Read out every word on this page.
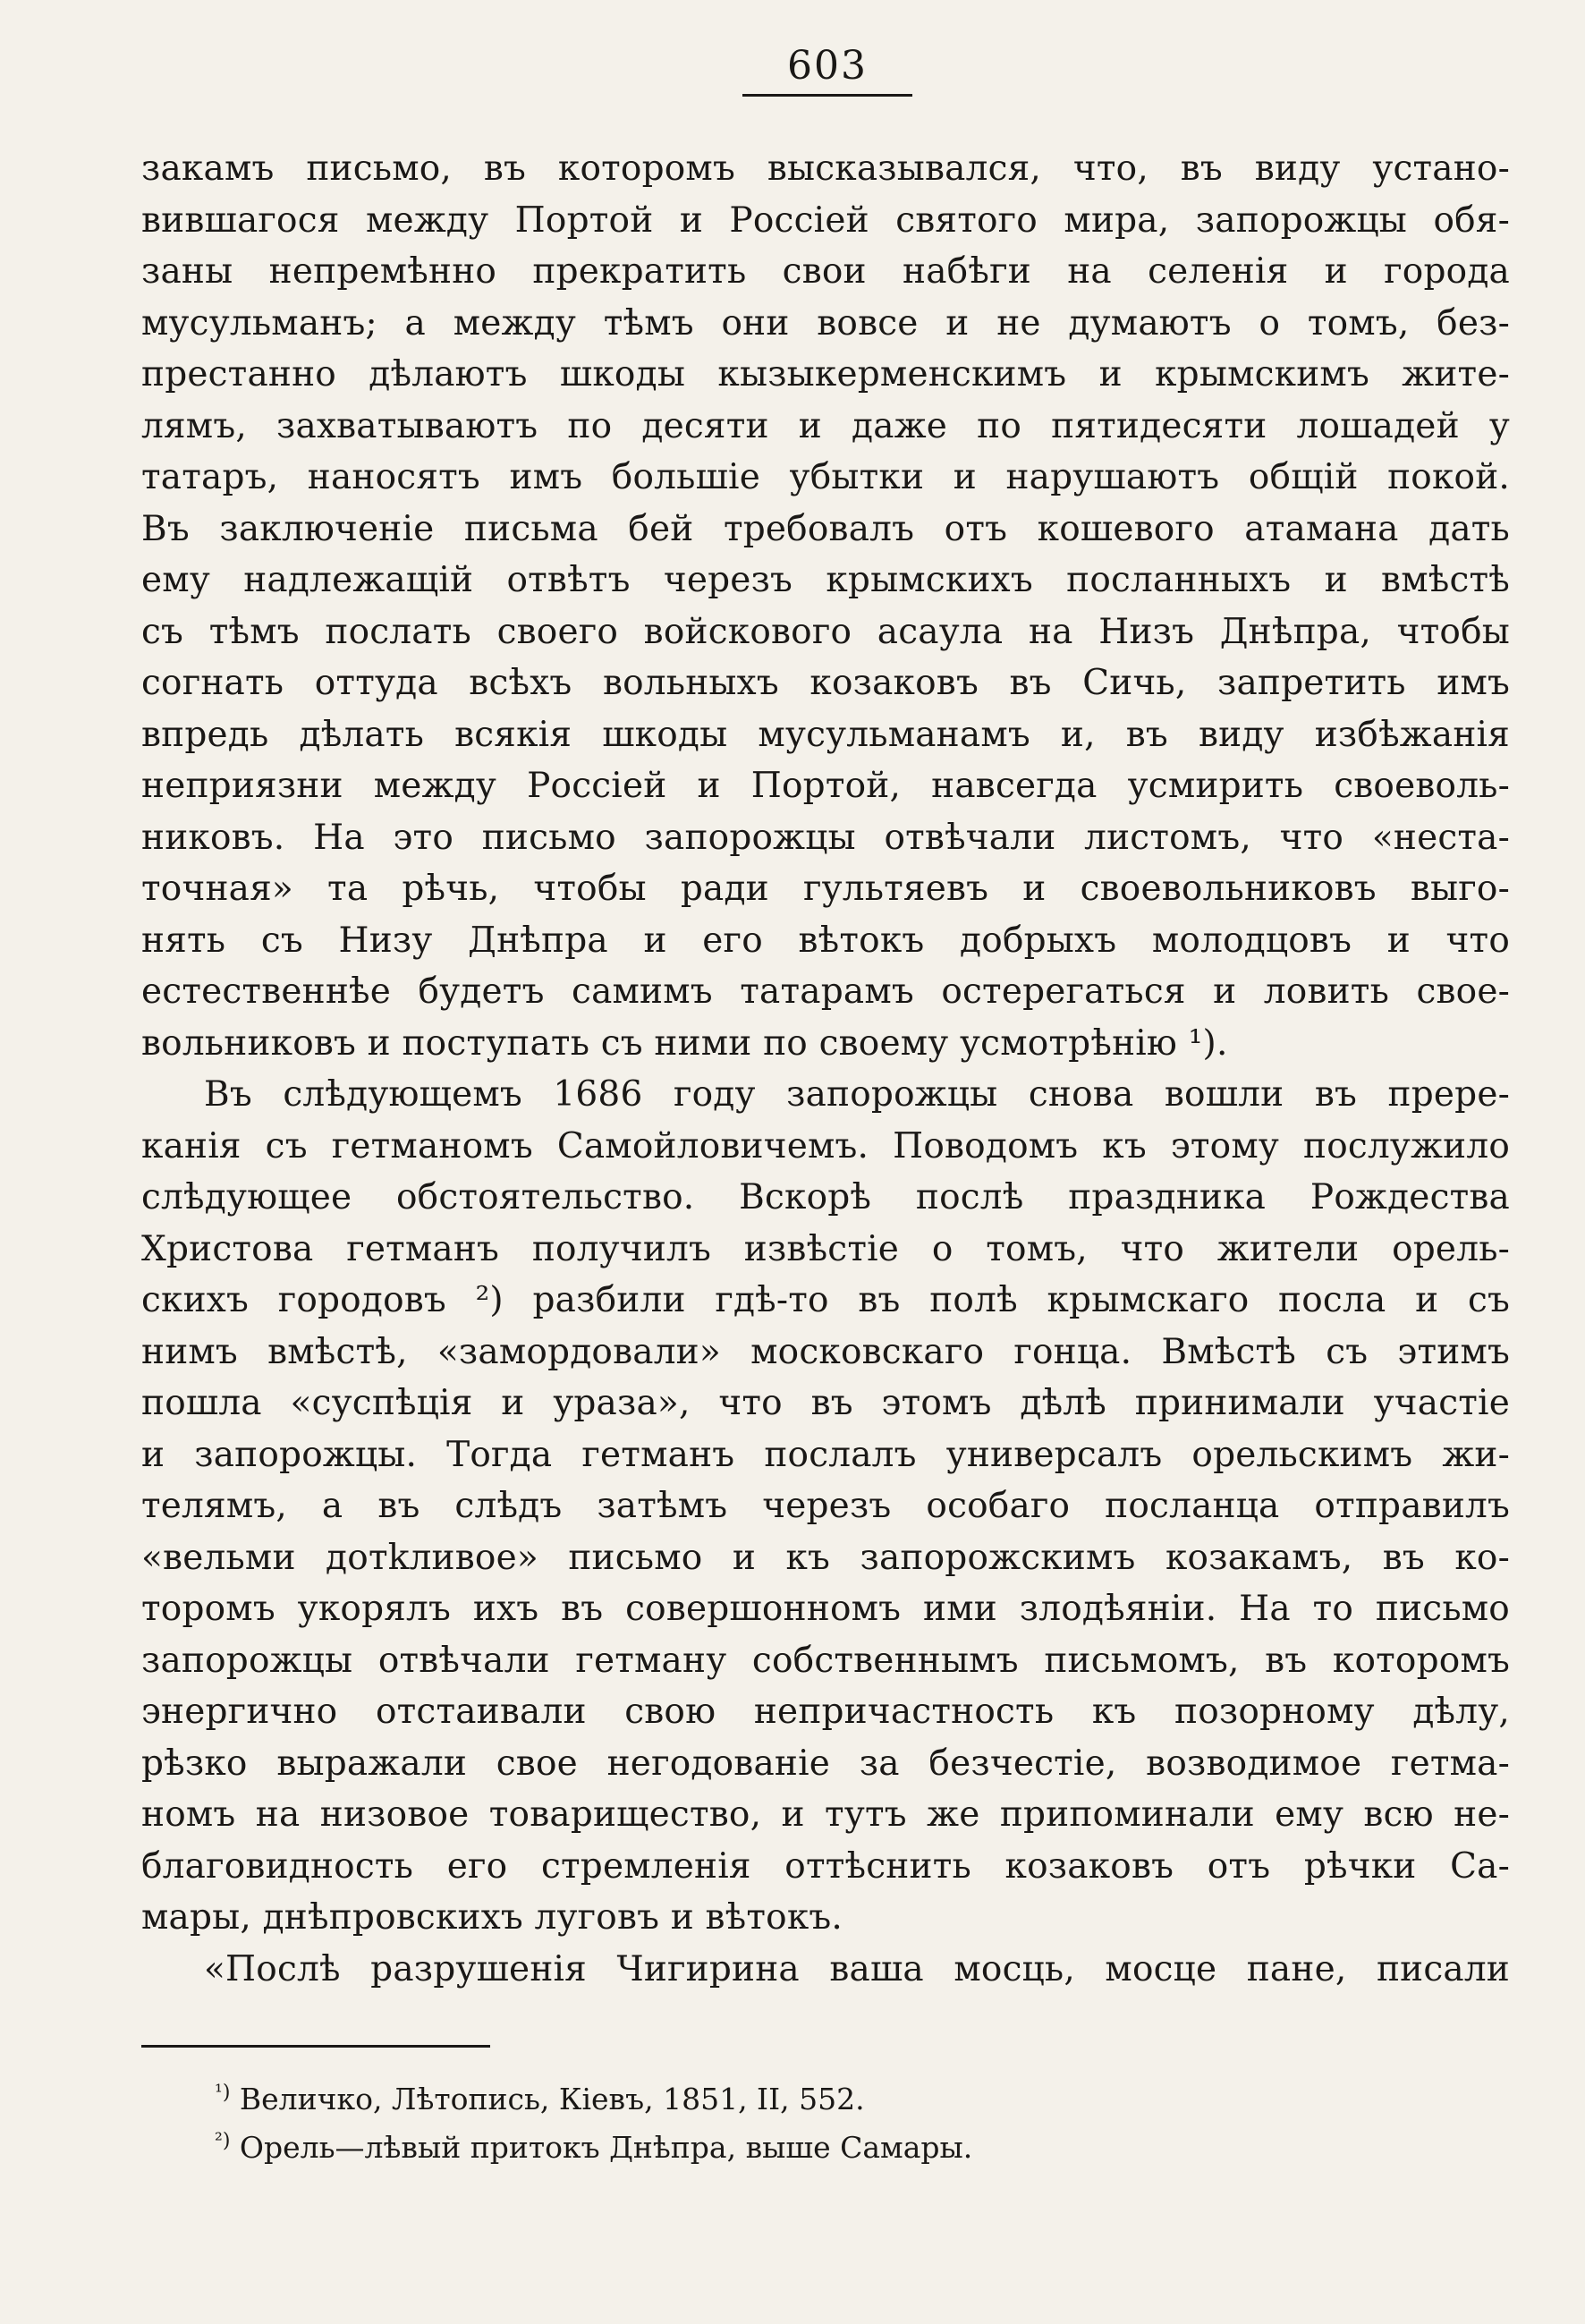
603
закамъ письмо, въ которомъ высказывался, что, въ виду устано-
вившагося между Портой и Россіей святого мира, запорожцы обя-
заны непремѣнно прекратить свои набѣги на селенія и города
мусульманъ; а между тѣмъ они вовсе и не думаютъ о томъ, без-
престанно дѣлаютъ шкоды кызыкерменскимъ и крымскимъ жите-
лямъ, захватываютъ по десяти и даже по пятидесяти лошадей у
татаръ, наносятъ имъ большіе убытки и нарушаютъ общій покой.
Въ заключеніе письма бей требовалъ отъ кошевого атамана дать
ему надлежащій отвѣтъ черезъ крымскихъ посланныхъ и вмѣстѣ
съ тѣмъ послать своего войскового асаула на Низъ Днѣпра, чтобы
согнать оттуда всѣхъ вольныхъ козаковъ въ Сичь, запретить имъ
впредь дѣлать всякія шкоды мусульманамъ и, въ виду избѣжанія
неприязни между Россіей и Портой, навсегда усмирить своеволь-
никовъ. На это письмо запорожцы отвѣчали листомъ, что «неста-
точная» та рѣчь, чтобы ради гультяевъ и своевольниковъ выго-
нять съ Низу Днѣпра и его вѣтокъ добрыхъ молодцовъ и что
естественнѣе будетъ самимъ татарамъ остерегаться и ловить свое-
вольниковъ и поступать съ ними по своему усмотрѣнію ¹).
Въ слѣдующемъ 1686 году запорожцы снова вошли въ прере-
канія съ гетманомъ Самойловичемъ. Поводомъ къ этому послужило
слѣдующее обстоятельство. Вскорѣ послѣ праздника Рождества
Христова гетманъ получилъ извѣстіе о томъ, что жители орель-
скихъ городовъ ²) разбили гдѣ-то въ полѣ крымскаго посла и съ
нимъ вмѣстѣ, «замордовали» московскаго гонца. Вмѣстѣ съ этимъ
пошла «суспѣція и уразa», что въ этомъ дѣлѣ принимали участіе
и запорожцы. Тогда гетманъ послалъ универсалъ орельскимъ жи-
телямъ, а въ слѣдъ затѣмъ черезъ особаго посланца отправилъ
«вельми дотkливое» письмо и къ запорожскимъ козакамъ, въ ко-
торомъ укорялъ ихъ въ совершонномъ ими злодѣяніи. На то письмо
запорожцы отвѣчали гетману собственнымъ письмомъ, въ которомъ
энергично отстаивали свою непричастность къ позорному дѣлу,
рѣзко выражали свое негодованіе за безчестіе, возводимое гетма-
номъ на низовое товарищество, и тутъ же припоминали ему всю не-
благовидность его стремленія оттѣснить козаковъ отъ рѣчки Са-
мары, днѣпровскихъ луговъ и вѣтокъ.
«Послѣ разрушенія Чигирина ваша мосць, мосце пане, писали
$^{^1)}$ Величко, Лѣтопись, Кіевъ, 1851, II, 552.
$^{^2)}$ Орель—лѣвый притокъ Днѣпра, выше Самары.
